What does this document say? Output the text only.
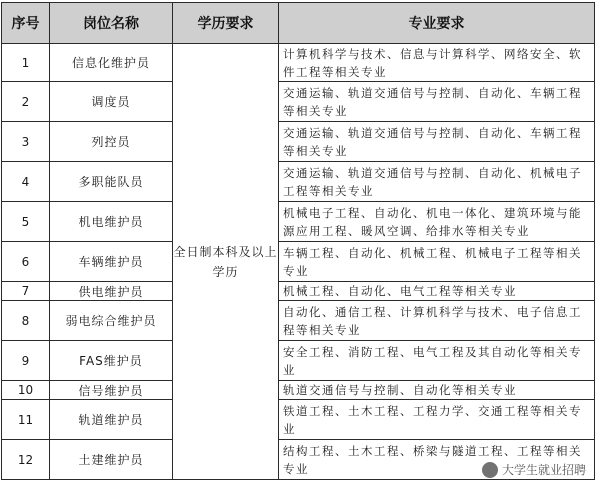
序号	岗位名称	学历要求	专业要求
1	信息化维护员	全日制本科及以上学历	计算机科学与技术、信息与计算科学、网络安全、软件工程等相关专业
2	调度员		交通运输、轨道交通信号与控制、自动化、车辆工程等相关专业
3	列控员		交通运输、轨道交通信号与控制、自动化、车辆工程等相关专业
4	多职能队员		交通运输、轨道交通信号与控制、自动化、机械电子工程等相关专业
5	机电维护员		机械电子工程、自动化、机电一体化、建筑环境与能源应用工程、暖风空调、给排水等相关专业
6	车辆维护员		车辆工程、自动化、机械工程、机械电子工程等相关专业
7	供电维护员		机械工程、自动化、电气工程等相关专业
8	弱电综合维护员		自动化、通信工程、计算机科学与技术、电子信息工程等相关专业
9	FAS维护员		安全工程、消防工程、电气工程及其自动化等相关专业
10	信号维护员		轨道交通信号与控制、自动化等相关专业
11	轨道维护员		铁道工程、土木工程、工程力学、交通工程等相关专业
12	土建维护员		结构工程、土木工程、桥梁与隧道工程、工程等相关专业	大学生就业招聘
